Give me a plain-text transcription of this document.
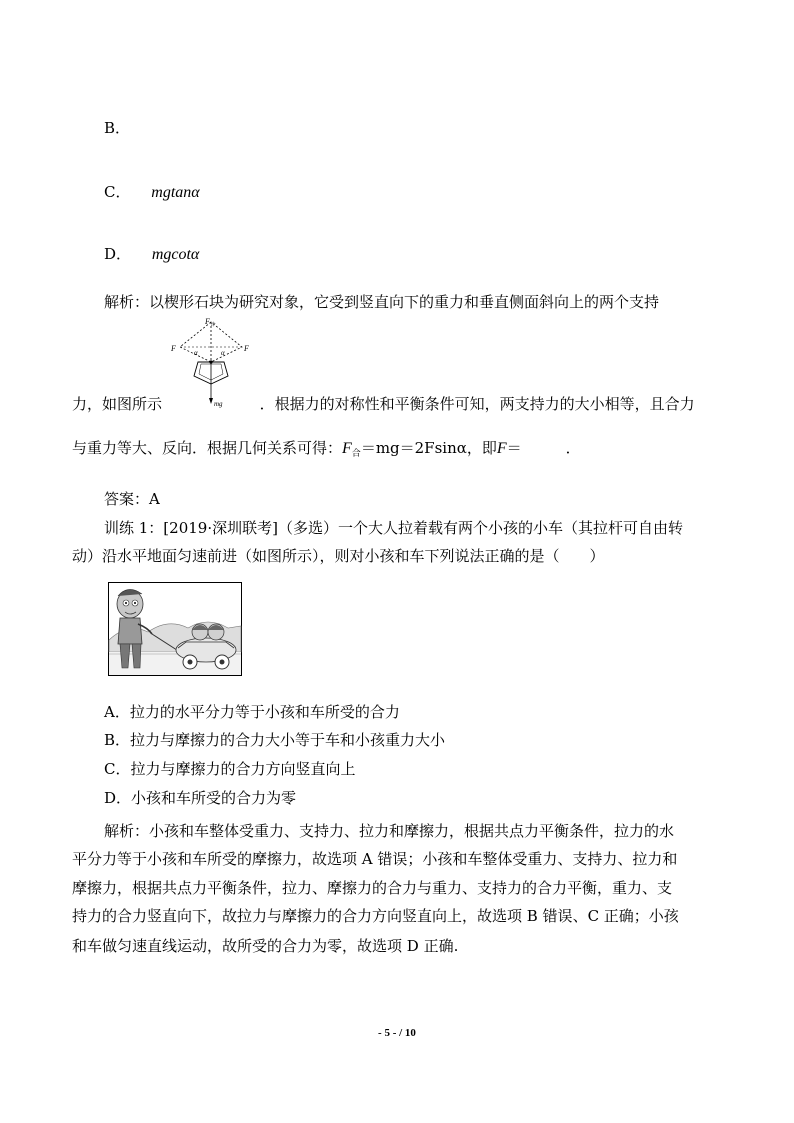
B．
C． mgtanα
D． mgcotα
解析：以楔形石块为研究对象，它受到竖直向下的重力和垂直侧面斜向上的两个支持
F 合
F	F
α	α
mg
力，如图所示	．根据力的对称性和平衡条件可知，两支持力的大小相等，且合力
与重力等大、反向．根据几何关系可得：$F_合=mg=2Fsin\alpha$，即F＝	．
答案：A
训练 1：[2019·深圳联考]（多选）一个大人拉着载有两个小孩的小车（其拉杆可自由转
动）沿水平地面匀速前进（如图所示），则对小孩和车下列说法正确的是（　　）
A．拉力的水平分力等于小孩和车所受的合力
B．拉力与摩擦力的合力大小等于车和小孩重力大小
C．拉力与摩擦力的合力方向竖直向上
D．小孩和车所受的合力为零
解析：小孩和车整体受重力、支持力、拉力和摩擦力，根据共点力平衡条件，拉力的水
平分力等于小孩和车所受的摩擦力，故选项 A 错误；小孩和车整体受重力、支持力、拉力和
摩擦力，根据共点力平衡条件，拉力、摩擦力的合力与重力、支持力的合力平衡，重力、支
持力的合力竖直向下，故拉力与摩擦力的合力方向竖直向上，故选项 B 错误、C 正确；小孩
和车做匀速直线运动，故所受的合力为零，故选项 D 正确.
- 5 - / 10
